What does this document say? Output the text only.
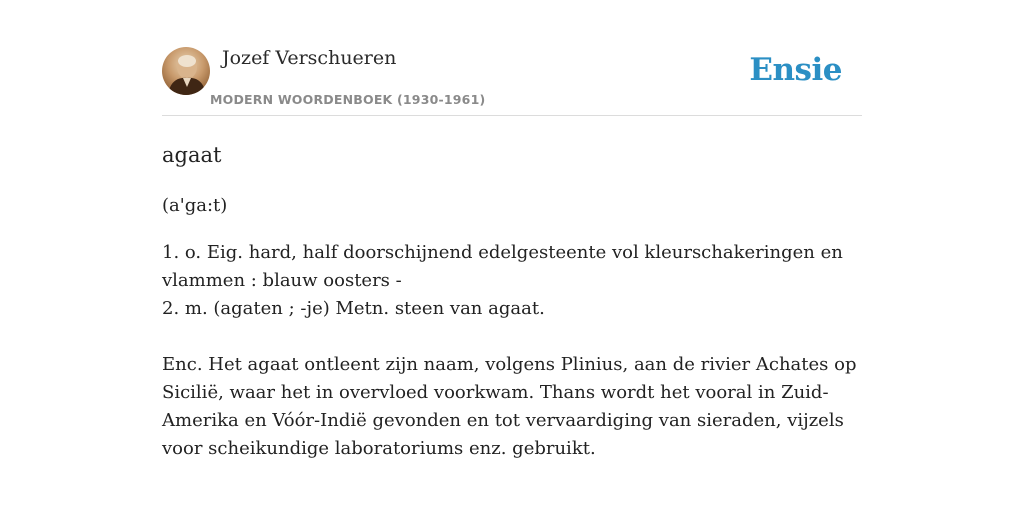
Jozef Verschueren
MODERN WOORDENBOEK (1930-1961)
Ensie
agaat
(a'ga:t)
1. o. Eig. hard, half doorschijnend edelgesteente vol kleurschakeringen en
vlammen : blauw oosters -
2. m. (agaten ; -je) Metn. steen van agaat.
Enc. Het agaat ontleent zijn naam, volgens Plinius, aan de rivier Achates op Sicilië, waar het in overvloed voorkwam. Thans wordt het vooral in Zuid-Amerika en Vóór-Indië gevonden en tot vervaardiging van sieraden, vijzels voor scheikundige laboratoriums enz. gebruikt.
